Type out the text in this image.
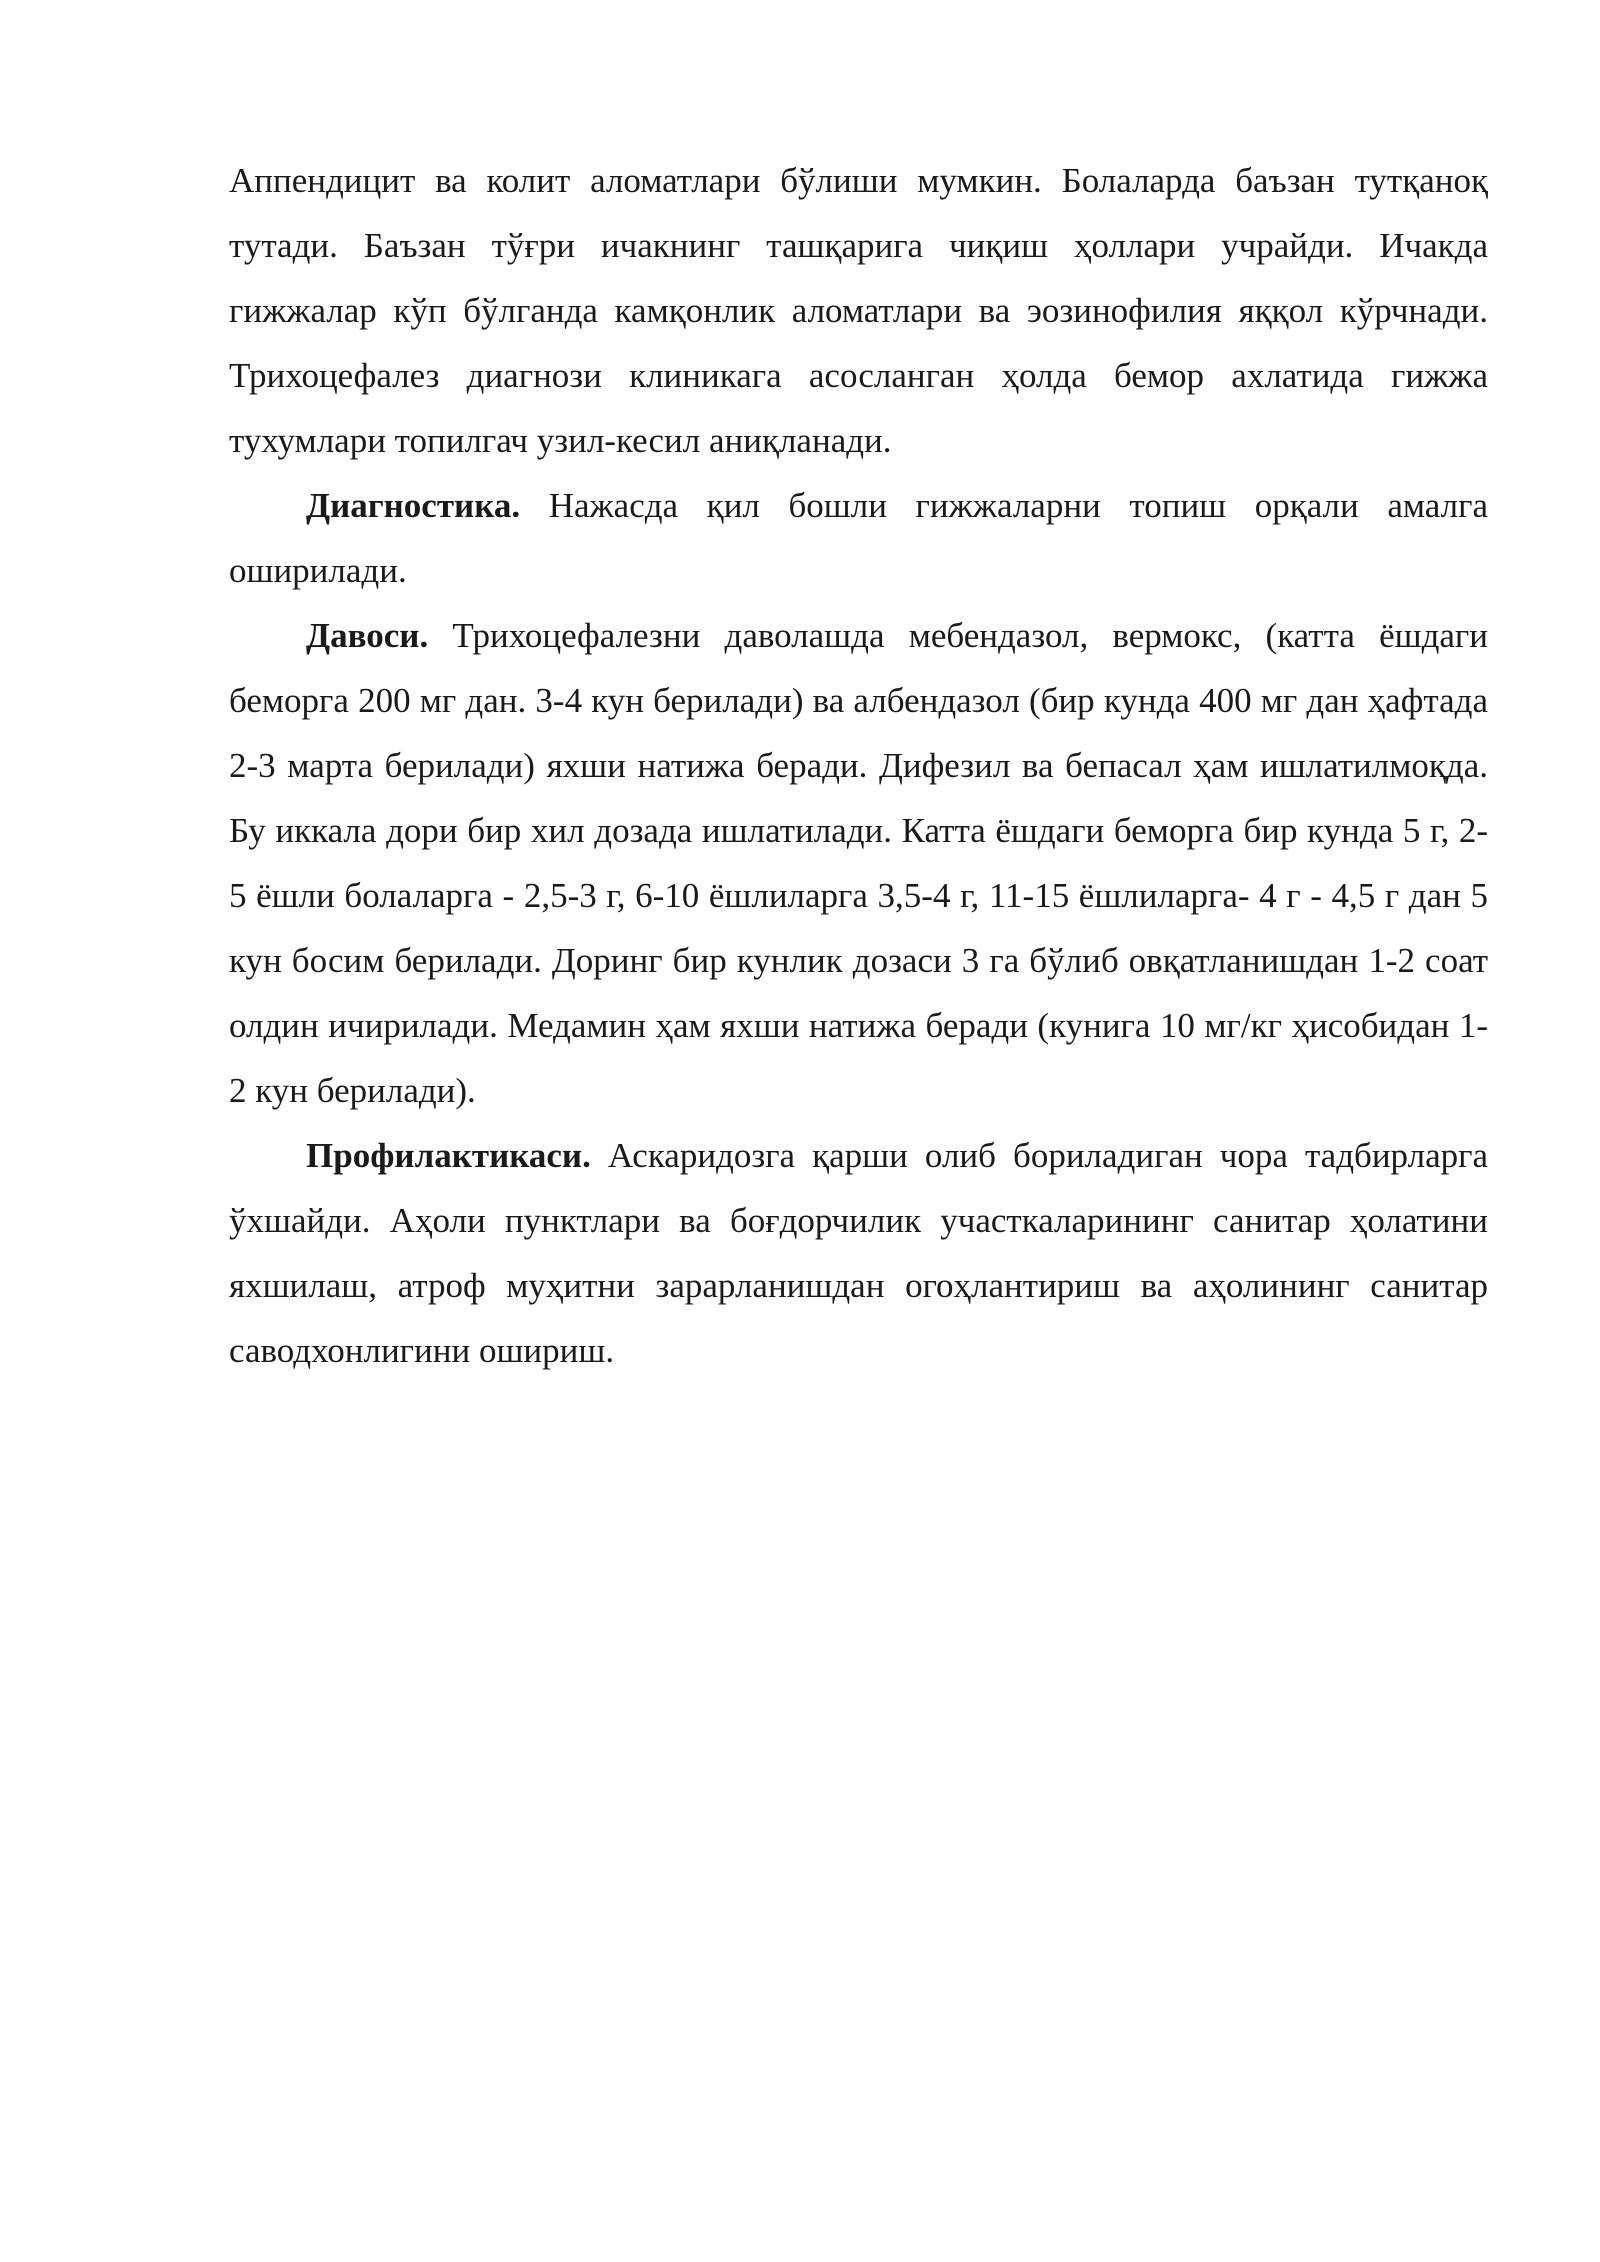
Аппендицит ва колит аломатлари бўлиши мумкин. Болаларда баъзан тутқаноқ тутади. Баъзан тўғри ичакнинг ташқарига чиқиш ҳоллари учрайди. Ичакда гижжалар кўп бўлганда камқонлик аломатлари ва эозинофилия яққол кўрчнади. Трихоцефалез диагнози клиникага асосланган ҳолда бемор ахлатида гижжа тухумлари топилгач узил-кесил аниқланади.

Диагностика. Нажасда қил бошли гижжаларни топиш орқали амалга оширилади.

Давоси. Трихоцефалезни даволашда мебендазол, вермокс, (катта ёшдаги беморга 200 мг дан. 3-4 кун берилади) ва албендазол (бир кунда 400 мг дан ҳафтада 2-3 марта берилади) яхши натижа беради. Дифезил ва бепасал ҳам ишлатилмоқда. Бу иккала дори бир хил дозада ишлатилади. Катта ёшдаги беморга бир кунда 5 г, 2-5 ёшли болаларга - 2,5-3 г, 6-10 ёшлиларга 3,5-4 г, 11-15 ёшлиларга- 4 г - 4,5 г дан 5 кун босим берилади. Доринг бир кунлик дозаси 3 га бўлиб овқатланишдан 1-2 соат олдин ичирилади. Медамин ҳам яхши натижа беради (кунига 10 мг/кг ҳисобидан 1-2 кун берилади).

Профилактикаси. Аскаридозга қарши олиб бориладиган чора тадбирларга ўхшайди. Аҳоли пунктлари ва боғдорчилик участкаларининг санитар ҳолатини яхшилаш, атроф муҳитни зарарланишдан огоҳлантириш ва аҳолининг санитар саводхонлигини ошириш.
